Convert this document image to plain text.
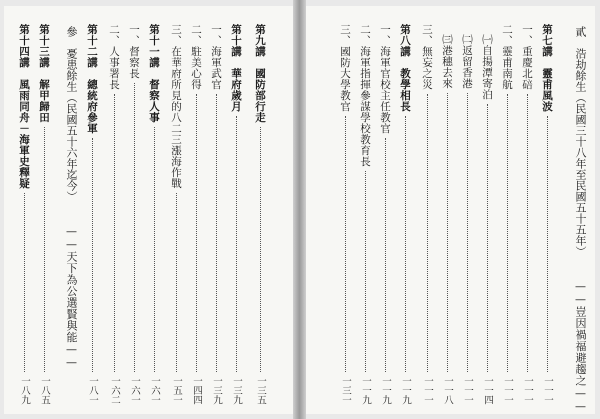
貳　浩劫餘生（民國三十八年至民國五十五年） —— 豈因禍福避趨之 ——
第七講　靈甫風波
一一一
一、重慶北碚
一一一
二、靈甫南航
一一一
㈠自揚潭寄泊
一一四
㈡返留香港
一一一
㈢港穗去來
一一八
三、無妄之災
一一一
第八講　教學相長
一一九
一、海軍官校主任教官
一一九
二、海軍指揮參謀學校教育長
一一九
三、國防大學教官
一三一
第九講　國防部行走
一三五
第十講　華府歲月
一三九
一、海軍武官
一三九
二、駐美心得
一四四
三、在華府所見的八二三漲海作戰
一五一
第十一講　督察人事
一六一
一、督察長
一六一
二、人事署長
一六二
第十二講　總統府參軍
一八一
參　憂患餘生（民國五十六年迄今） —— 天下為公選賢與能 ——
第十三講　解甲歸田
一八五
第十四講　風雨同舟－海軍史釋疑
一八九
